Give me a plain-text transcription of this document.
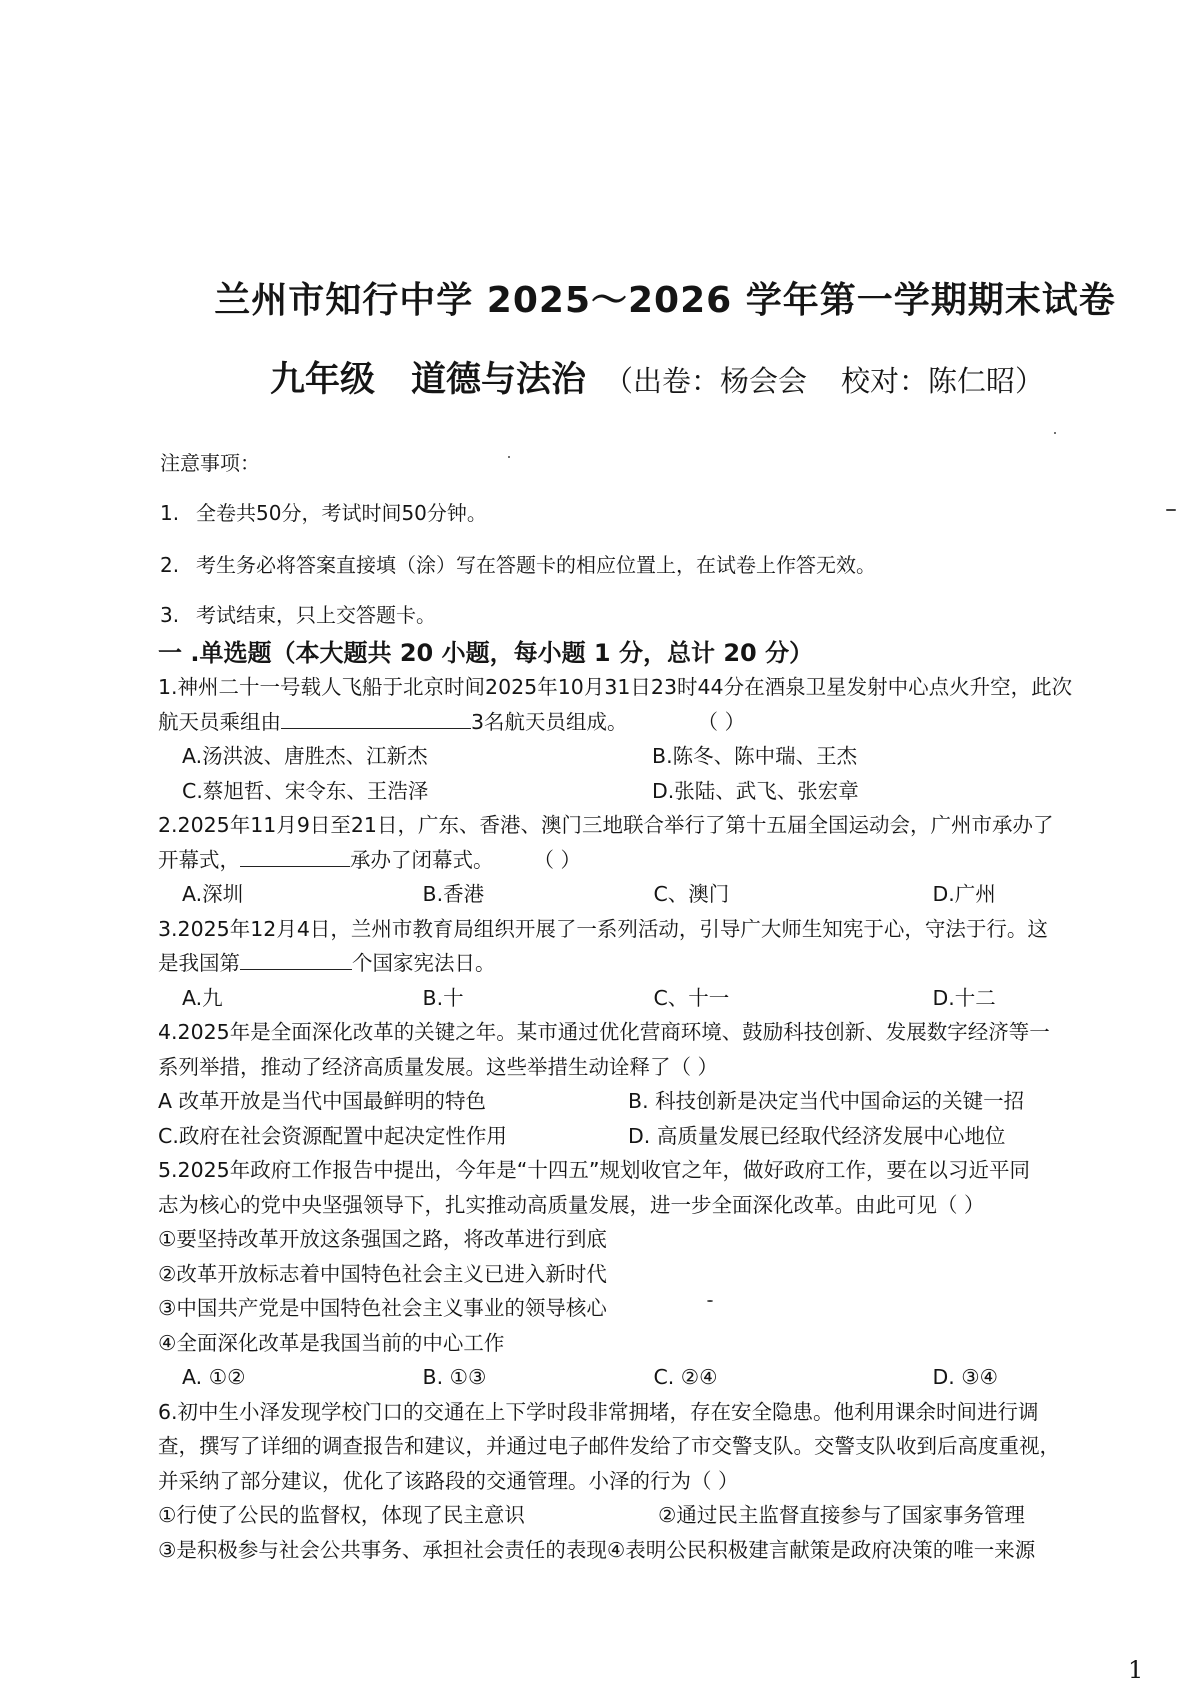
兰州市知行中学 2025～2026 学年第一学期期末试卷
九年级 道德与法治 （出卷：杨会会 校对：陈仁昭）
注意事项：
1. 全卷共50分，考试时间50分钟。
2. 考生务必将答案直接填（涂）写在答题卡的相应位置上，在试卷上作答无效。
3. 考试结束，只上交答题卡。
一 .单选题（本大题共 20 小题，每小题 1 分，总计 20 分）

1.神州二十一号载人飞船于北京时间2025年10月31日23时44分在酒泉卫星发射中心点火升空，此次

航天员乘组由	3名航天员组成。	（ ）

A.汤洪波、唐胜杰、江新杰	B.陈冬、陈中瑞、王杰
C.蔡旭哲、宋令东、王浩泽	D.张陆、武飞、张宏章

2.2025年11月9日至21日，广东、香港、澳门三地联合举行了第十五届全国运动会，广州市承办了

开幕式，	承办了闭幕式。 （ ）

A.深圳	B.香港	C、澳门	D.广州

3.2025年12月4日，兰州市教育局组织开展了一系列活动，引导广大师生知宪于心，守法于行。这

是我国第	个国家宪法日。

A.九	B.十	C、十一	D.十二

4.2025年是全面深化改革的关键之年。某市通过优化营商环境、鼓励科技创新、发展数字经济等一

系列举措，推动了经济高质量发展。这些举措生动诠释了（ ）

A 改革开放是当代中国最鲜明的特色	B. 科技创新是决定当代中国命运的关键一招
C.政府在社会资源配置中起决定性作用	D. 高质量发展已经取代经济发展中心地位

5.2025年政府工作报告中提出，今年是“十四五”规划收官之年，做好政府工作，要在以习近平同

志为核心的党中央坚强领导下，扎实推动高质量发展，进一步全面深化改革。由此可见（ ）

①要坚持改革开放这条强国之路，将改革进行到底

②改革开放标志着中国特色社会主义已进入新时代

③中国共产党是中国特色社会主义事业的领导核心

④全面深化改革是我国当前的中心工作

A. ①②	B. ①③	C. ②④	D. ③④

6.初中生小泽发现学校门口的交通在上下学时段非常拥堵，存在安全隐患。他利用课余时间进行调

查，撰写了详细的调查报告和建议，并通过电子邮件发给了市交警支队。交警支队收到后高度重视，

并采纳了部分建议，优化了该路段的交通管理。小泽的行为（ ）

①行使了公民的监督权，体现了民主意识	②通过民主监督直接参与了国家事务管理

③是积极参与社会公共事务、承担社会责任的表现④表明公民积极建言献策是政府决策的唯一来源

1
